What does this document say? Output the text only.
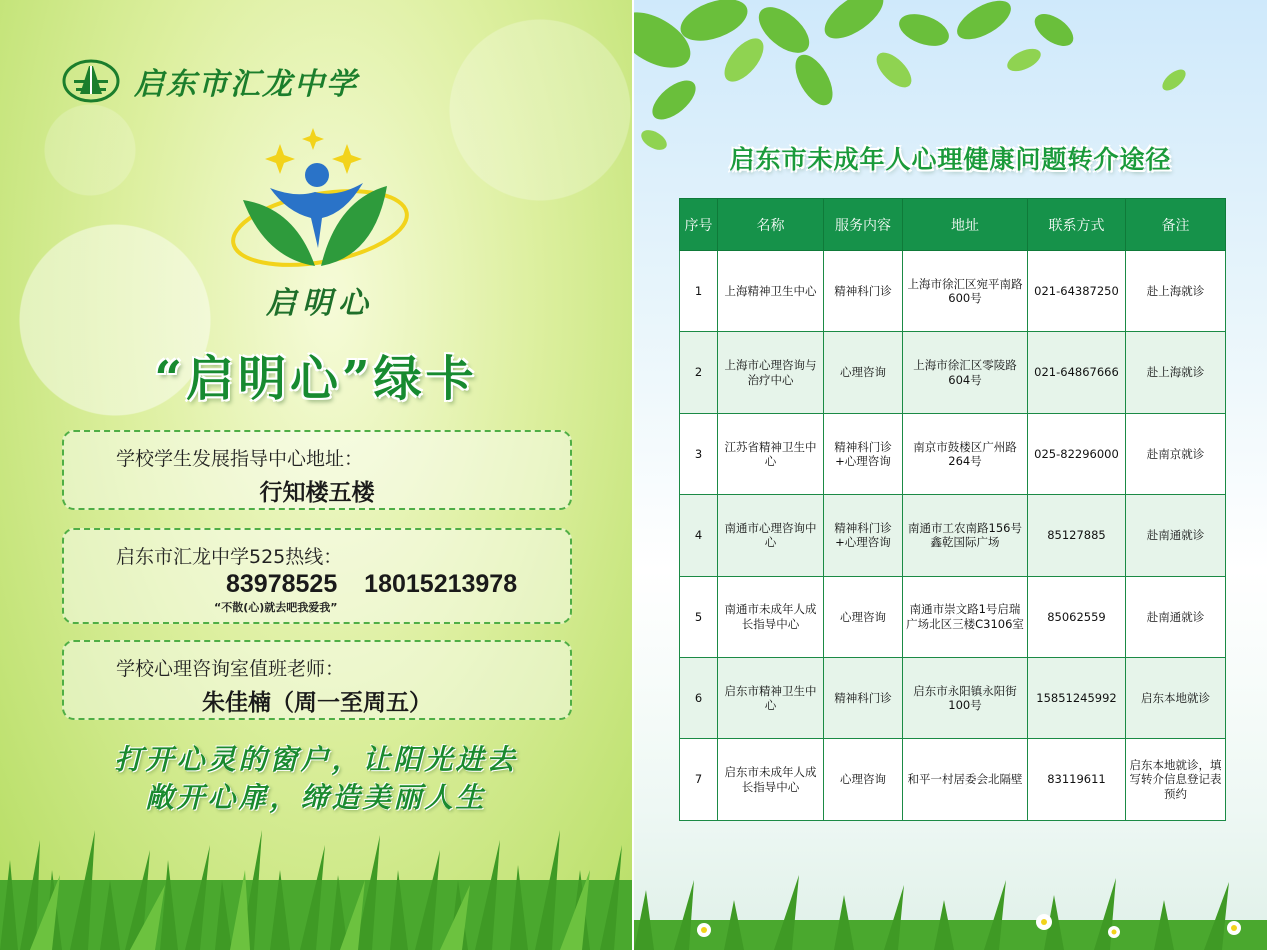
启东市汇龙中学
启明心
“启明心”绿卡
学校学生发展指导中心地址：
行知楼五楼
启东市汇龙中学525热线：
83978525 18015213978
“不散(心)就去吧我爱我”
学校心理咨询室值班老师：
朱佳楠（周一至周五）
打开心灵的窗户，让阳光进去
敞开心扉，缔造美丽人生
启东市未成年人心理健康问题转介途径
序号	名称	服务内容	地址	联系方式	备注
1	上海精神卫生中心	精神科门诊	上海市徐汇区宛平南路600号	021-64387250	赴上海就诊
2	上海市心理咨询与治疗中心	心理咨询	上海市徐汇区零陵路604号	021-64867666	赴上海就诊
3	江苏省精神卫生中心	精神科门诊+心理咨询	南京市鼓楼区广州路264号	025-82296000	赴南京就诊
4	南通市心理咨询中心	精神科门诊+心理咨询	南通市工农南路156号鑫乾国际广场	85127885	赴南通就诊
5	南通市未成年人成长指导中心	心理咨询	南通市崇文路1号启瑞广场北区三楼C3106室	85062559	赴南通就诊
6	启东市精神卫生中心	精神科门诊	启东市永阳镇永阳街100号	15851245992	启东本地就诊
7	启东市未成年人成长指导中心	心理咨询	和平一村居委会北隔壁	83119611	启东本地就诊，填写转介信息登记表预约
